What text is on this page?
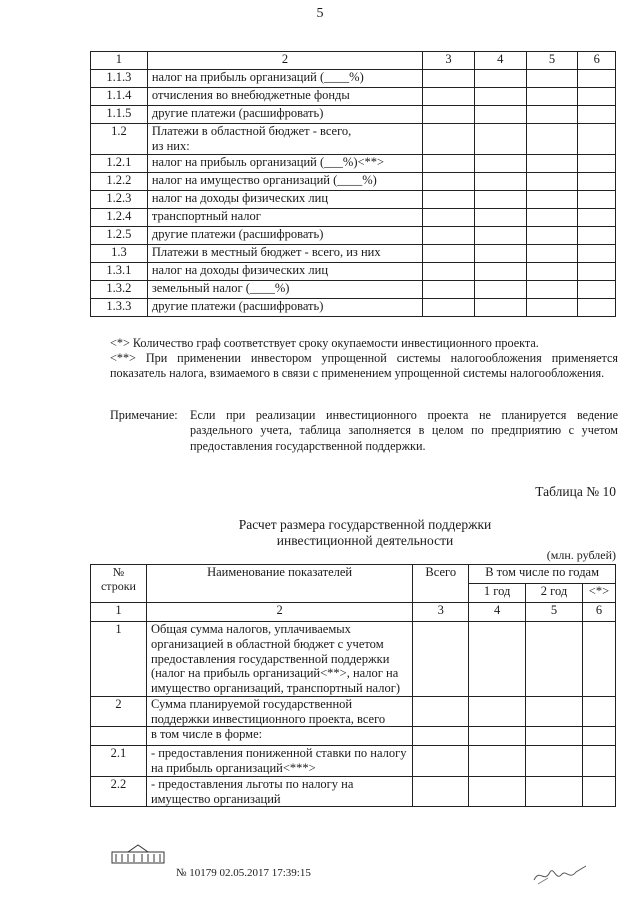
5
1	2	3	4	5	6
1.1.3	налог на прибыль организаций (____%)				
1.1.4	отчисления во внебюджетные фонды				
1.1.5	другие платежи (расшифровать)				
1.2	Платежи в областной бюджет - всего,
из них:				
1.2.1	налог на прибыль организаций (___%)<**>				
1.2.2	налог на имущество организаций (____%)				
1.2.3	налог на доходы физических лиц				
1.2.4	транспортный налог				
1.2.5	другие платежи (расшифровать)				
1.3	Платежи в местный бюджет - всего, из них				
1.3.1	налог на доходы физических лиц				
1.3.2	земельный налог (____%)				
1.3.3	другие платежи (расшифровать)				
<*> Количество граф соответствует сроку окупаемости инвестиционного проекта.
<**> При применении инвестором упрощенной системы налогообложения применяется показатель налога, взимаемого в связи с применением упрощенной системы налогообложения.
Примечание:	Если при реализации инвестиционного проекта не планируется ведение раздельного учета, таблица заполняется в целом по предприятию с учетом предоставления государственной поддержки.
Таблица № 10
Расчет размера государственной поддержки
инвестиционной деятельности
(млн. рублей)
№ строки	Наименование показателей	Всего	В том числе по годам		
			1 год	2 год	<*>
1	2	3	4	5	6
1	Общая сумма налогов, уплачиваемых организацией в областной бюджет с учетом предоставления государственной поддержки (налог на прибыль организаций<**>, налог на имущество организаций, транспортный налог)				
2	Сумма планируемой государственной поддержки инвестиционного проекта, всего				
	в том числе в форме:				
2.1	- предоставления пониженной ставки по налогу на прибыль организаций<***>				
2.2	- предоставления льготы по налогу на имущество организаций				
№ 10179 02.05.2017 17:39:15
